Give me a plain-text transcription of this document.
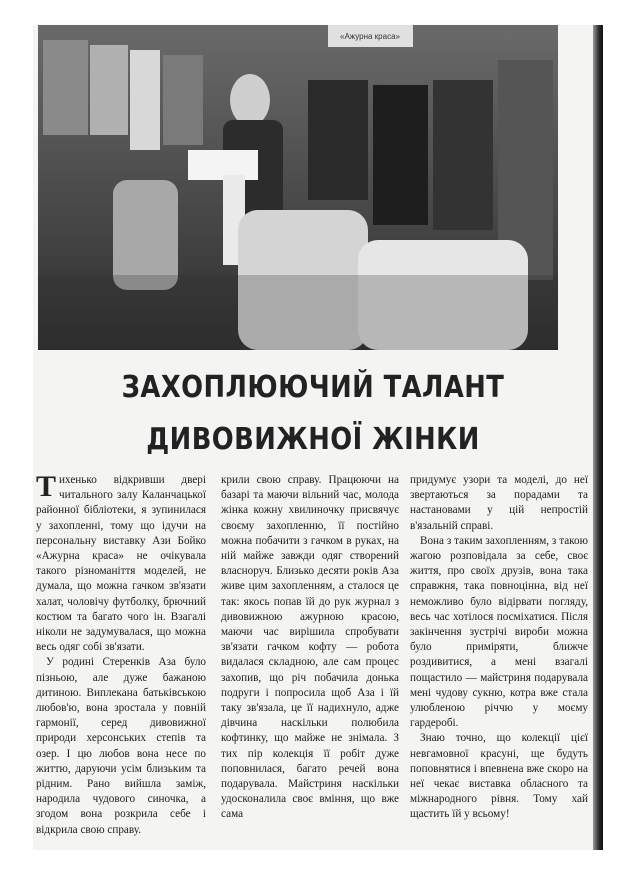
«Ажурна краса»
ЗАХОПЛЮЮЧИЙ ТАЛАНТ
ДИВОВИЖНОЇ ЖІНКИ

Тихенько відкривши двері читального залу Каланчацької районної бібліотеки, я зупинилася у захопленні, тому що ідучи на персональну виставку Ази Бойко «Ажурна краса» не очікувала такого різноманіття моделей, не думала, що можна гачком зв'язати халат, чоловічу футболку, брючний костюм та багато чого ін. Взагалі ніколи не задумувалася, що можна весь одяг собі зв'язати.

У родині Стеренків Аза було пізньою, але дуже бажаною дитиною. Виплекана батьківською любов'ю, вона зростала у повній гармонії, серед дивовижної природи херсонських степів та озер. І цю любов вона несе по життю, даруючи усім близьким та рідним. Рано вийшла заміж, народила чудового синочка, а згодом вона розкрила себе і відкрила свою справу.

крили свою справу. Працюючи на базарі та маючи вільний час, молода жінка кожну хвилиночку присвячує своєму захопленню, її постійно можна побачити з гачком в руках, на ній майже завжди одяг створений власноруч. Близько десяти років Аза живе цим захопленням, а сталося це так: якось попав їй до рук журнал з дивовижною ажурною красою, маючи час вирішила спробувати зв'язати гачком кофту — робота видалася складною, але сам процес захопив, що річ побачила донька подруги і попросила щоб Аза і їй таку зв'язала, це її надихнуло, адже дівчина наскільки полюбила кофтинку, що майже не знімала. З тих пір колекція її робіт дуже поповнилася, багато речей вона подарувала. Майстриня наскільки удосконалила своє вміння, що вже сама

придумує узори та моделі, до неї звертаються за порадами та настановами у цій непростій в'язальній справі.

Вона з таким захопленням, з такою жагою розповідала за себе, своє життя, про своїх друзів, вона така справжня, така повноцінна, від неї неможливо було відірвати погляду, весь час хотілося посміхатися. Після закінчення зустрічі вироби можна було приміряти, ближче роздивитися, а мені взагалі пощастило — майстриня подарувала мені чудову сукню, котра вже стала улюбленою річчю у моєму гардеробі.

Знаю точно, що колекції цієї невгамовної красуні, ще будуть поповнятися і впевнена вже скоро на неї чекає виставка обласного та міжнародного рівня. Тому хай щастить їй у всьому!
